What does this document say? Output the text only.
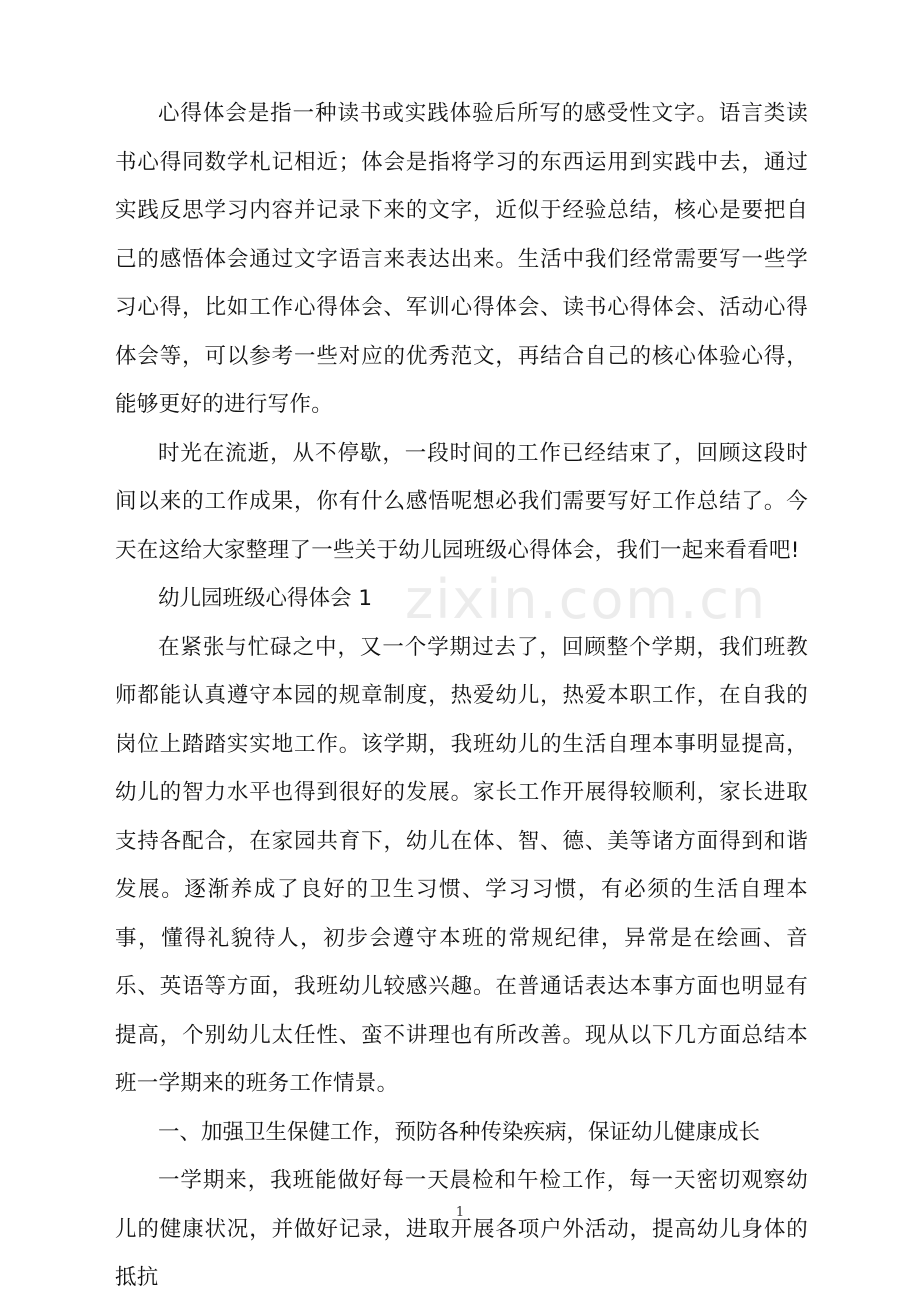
心得体会是指一种读书或实践体验后所写的感受性文字。语言类读书心得同数学札记相近；体会是指将学习的东西运用到实践中去，通过实践反思学习内容并记录下来的文字，近似于经验总结，核心是要把自己的感悟体会通过文字语言来表达出来。生活中我们经常需要写一些学习心得，比如工作心得体会、军训心得体会、读书心得体会、活动心得体会等，可以参考一些对应的优秀范文，再结合自己的核心体验心得，能够更好的进行写作。

时光在流逝，从不停歇，一段时间的工作已经结束了，回顾这段时间以来的工作成果，你有什么感悟呢想必我们需要写好工作总结了。今天在这给大家整理了一些关于幼儿园班级心得体会，我们一起来看看吧!

幼儿园班级心得体会 1

在紧张与忙碌之中，又一个学期过去了，回顾整个学期，我们班教师都能认真遵守本园的规章制度，热爱幼儿，热爱本职工作，在自我的岗位上踏踏实实地工作。该学期，我班幼儿的生活自理本事明显提高，幼儿的智力水平也得到很好的发展。家长工作开展得较顺利，家长进取支持各配合，在家园共育下，幼儿在体、智、德、美等诸方面得到和谐发展。逐渐养成了良好的卫生习惯、学习习惯，有必须的生活自理本事，懂得礼貌待人，初步会遵守本班的常规纪律，异常是在绘画、音乐、英语等方面，我班幼儿较感兴趣。在普通话表达本事方面也明显有提高，个别幼儿太任性、蛮不讲理也有所改善。现从以下几方面总结本班一学期来的班务工作情景。

一、加强卫生保健工作，预防各种传染疾病，保证幼儿健康成长

一学期来，我班能做好每一天晨检和午检工作，每一天密切观察幼儿的健康状况，并做好记录，进取开展各项户外活动，提高幼儿身体的抵抗

zixin.com.cn
1
